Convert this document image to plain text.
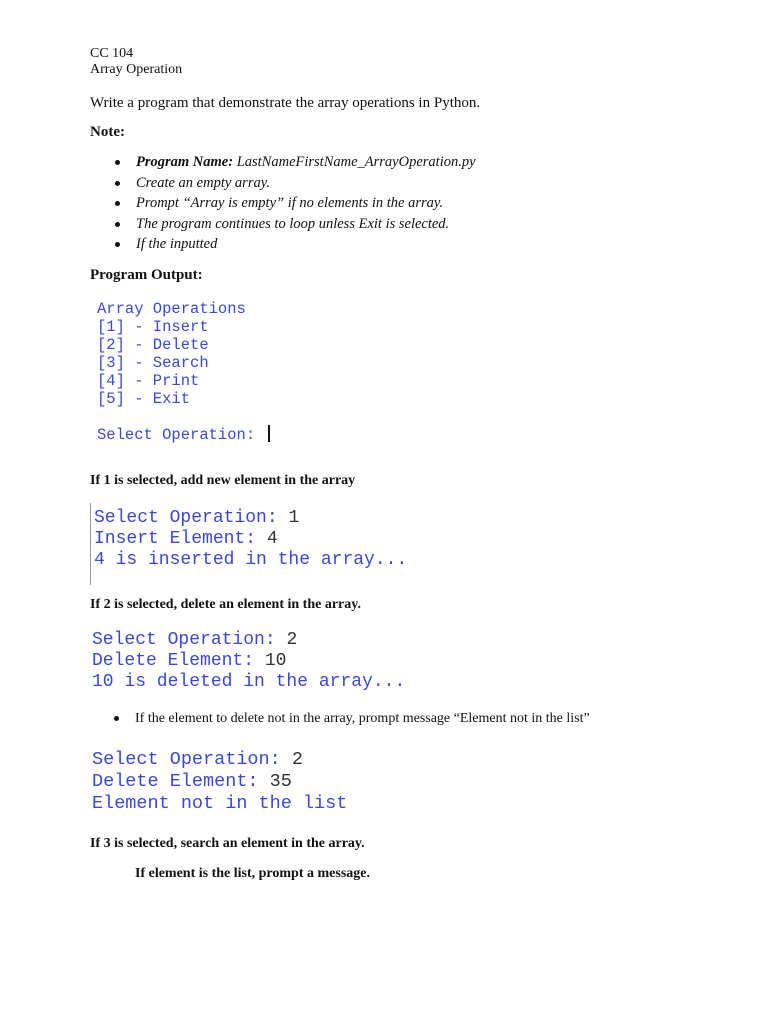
CC 104
Array Operation
Write a program that demonstrate the array operations in Python.
Note:
Program Name: LastNameFirstName_ArrayOperation.py
Create an empty array.
Prompt “Array is empty” if no elements in the array.
The program continues to loop unless Exit is selected.
If the inputted
Program Output:
Array Operations
[1] - Insert
[2] - Delete
[3] - Search
[4] - Print
[5] - Exit
Select Operation:
If 1 is selected, add new element in the array
Select Operation: 1
Insert Element: 4
4 is inserted in the array...
If 2 is selected, delete an element in the array.
Select Operation: 2
Delete Element: 10
10 is deleted in the array...
If the element to delete not in the array, prompt message “Element not in the list”
Select Operation: 2
Delete Element: 35
Element not in the list
If 3 is selected, search an element in the array.
If element is the list, prompt a message.
